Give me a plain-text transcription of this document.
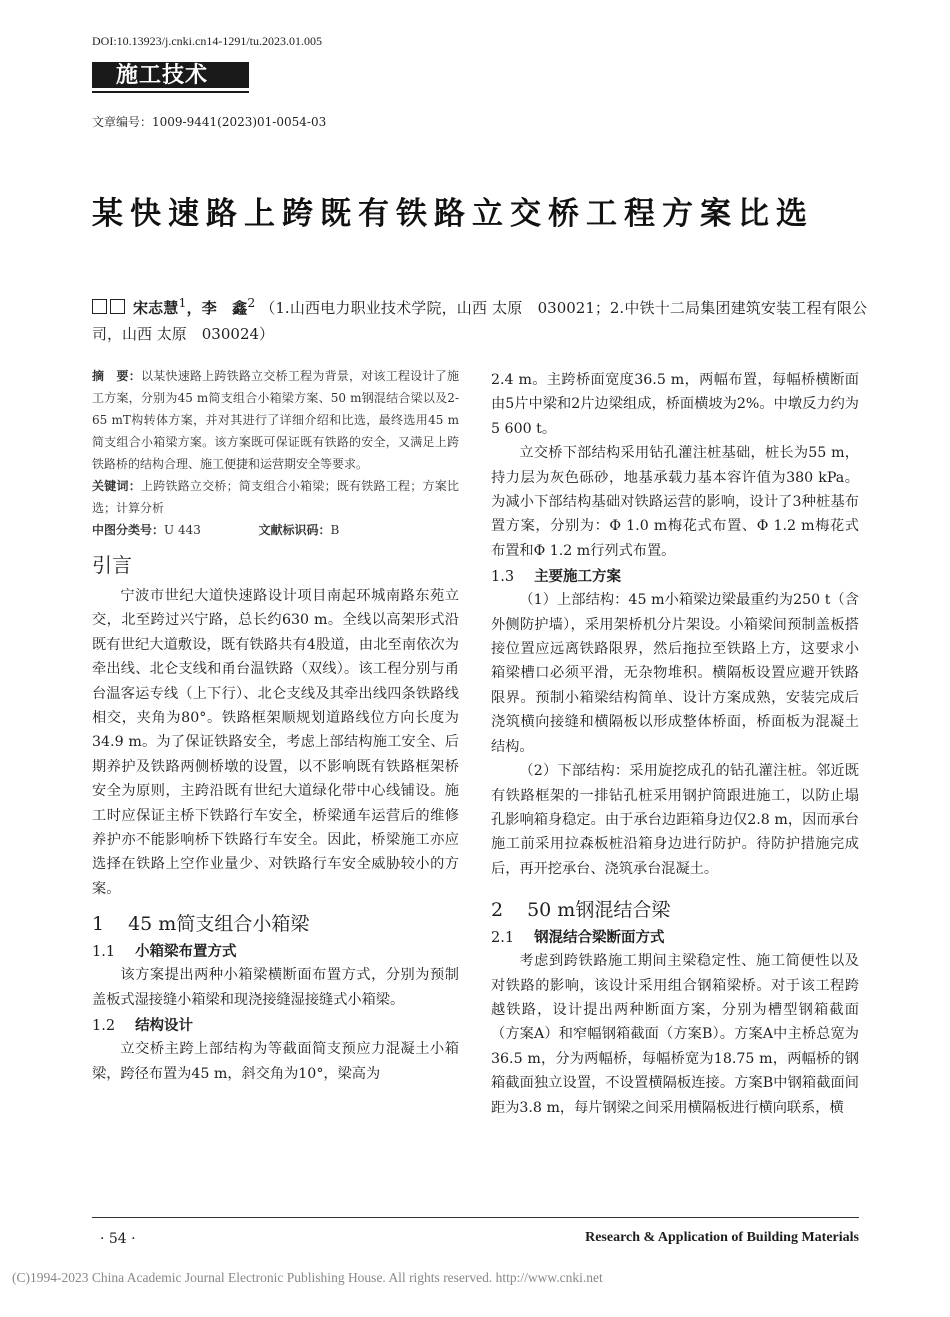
DOI:10.13923/j.cnki.cn14-1291/tu.2023.01.005
施工技术
文章编号：1009-9441(2023)01-0054-03
某快速路上跨既有铁路立交桥工程方案比选
宋志慧$^1$，李　鑫$^2$ （1.山西电力职业技术学院，山西 太原　030021；2.中铁十二局集团建筑安装工程有限公司，山西 太原　030024）
摘　要：以某快速路上跨铁路立交桥工程为背景，对该工程设计了施工方案，分别为45 m简支组合小箱梁方案、50 m钢混结合梁以及2-65 mT构转体方案，并对其进行了详细介绍和比选，最终选用45 m简支组合小箱梁方案。该方案既可保证既有铁路的安全，又满足上跨铁路桥的结构合理、施工便捷和运营期安全等要求。
关键词：上跨铁路立交桥；简支组合小箱梁；既有铁路工程；方案比选；计算分析
中图分类号：U 443	文献标识码：B
引言

宁波市世纪大道快速路设计项目南起环城南路东苑立交，北至跨过兴宁路，总长约630 m。全线以高架形式沿既有世纪大道敷设，既有铁路共有4股道，由北至南依次为牵出线、北仑支线和甬台温铁路（双线）。该工程分别与甬台温客运专线（上下行）、北仑支线及其牵出线四条铁路线相交，夹角为80°。铁路框架顺规划道路线位方向长度为34.9 m。为了保证铁路安全，考虑上部结构施工安全、后期养护及铁路两侧桥墩的设置，以不影响既有铁路框架桥安全为原则，主跨沿既有世纪大道绿化带中心线铺设。施工时应保证主桥下铁路行车安全，桥梁通车运营后的维修养护亦不能影响桥下铁路行车安全。因此，桥梁施工亦应选择在铁路上空作业量少、对铁路行车安全威胁较小的方案。

1 45 m简支组合小箱梁
1.1 小箱梁布置方式

该方案提出两种小箱梁横断面布置方式，分别为预制盖板式湿接缝小箱梁和现浇接缝湿接缝式小箱梁。

1.2 结构设计

立交桥主跨上部结构为等截面简支预应力混凝土小箱梁，跨径布置为45 m，斜交角为10°，梁高为

2.4 m。主跨桥面宽度36.5 m，两幅布置，每幅桥横断面由5片中梁和2片边梁组成，桥面横坡为2%。中墩反力约为5 600 t。

立交桥下部结构采用钻孔灌注桩基础，桩长为55 m，持力层为灰色砾砂，地基承载力基本容许值为380 kPa。为减小下部结构基础对铁路运营的影响，设计了3种桩基布置方案，分别为：Φ 1.0 m梅花式布置、Φ 1.2 m梅花式布置和Φ 1.2 m行列式布置。

1.3 主要施工方案

（1）上部结构：45 m小箱梁边梁最重约为250 t（含外侧防护墙），采用架桥机分片架设。小箱梁间预制盖板搭接位置应远离铁路限界，然后拖拉至铁路上方，这要求小箱梁槽口必须平滑，无杂物堆积。横隔板设置应避开铁路限界。预制小箱梁结构简单、设计方案成熟，安装完成后浇筑横向接缝和横隔板以形成整体桥面，桥面板为混凝土结构。

（2）下部结构：采用旋挖成孔的钻孔灌注桩。邻近既有铁路框架的一排钻孔桩采用钢护筒跟进施工，以防止塌孔影响箱身稳定。由于承台边距箱身边仅2.8 m，因而承台施工前采用拉森板桩沿箱身边进行防护。待防护措施完成后，再开挖承台、浇筑承台混凝土。

2 50 m钢混结合梁
2.1 钢混结合梁断面方式

考虑到跨铁路施工期间主梁稳定性、施工简便性以及对铁路的影响，该设计采用组合钢箱梁桥。对于该工程跨越铁路，设计提出两种断面方案，分别为槽型钢箱截面（方案A）和窄幅钢箱截面（方案B）。方案A中主桥总宽为36.5 m，分为两幅桥，每幅桥宽为18.75 m，两幅桥的钢箱截面独立设置，不设置横隔板连接。方案B中钢箱截面间距为3.8 m，每片钢梁之间采用横隔板进行横向联系，横

· 54 ·	Research & Application of Building Materials
(C)1994-2023 China Academic Journal Electronic Publishing House. All rights reserved. http://www.cnki.net
